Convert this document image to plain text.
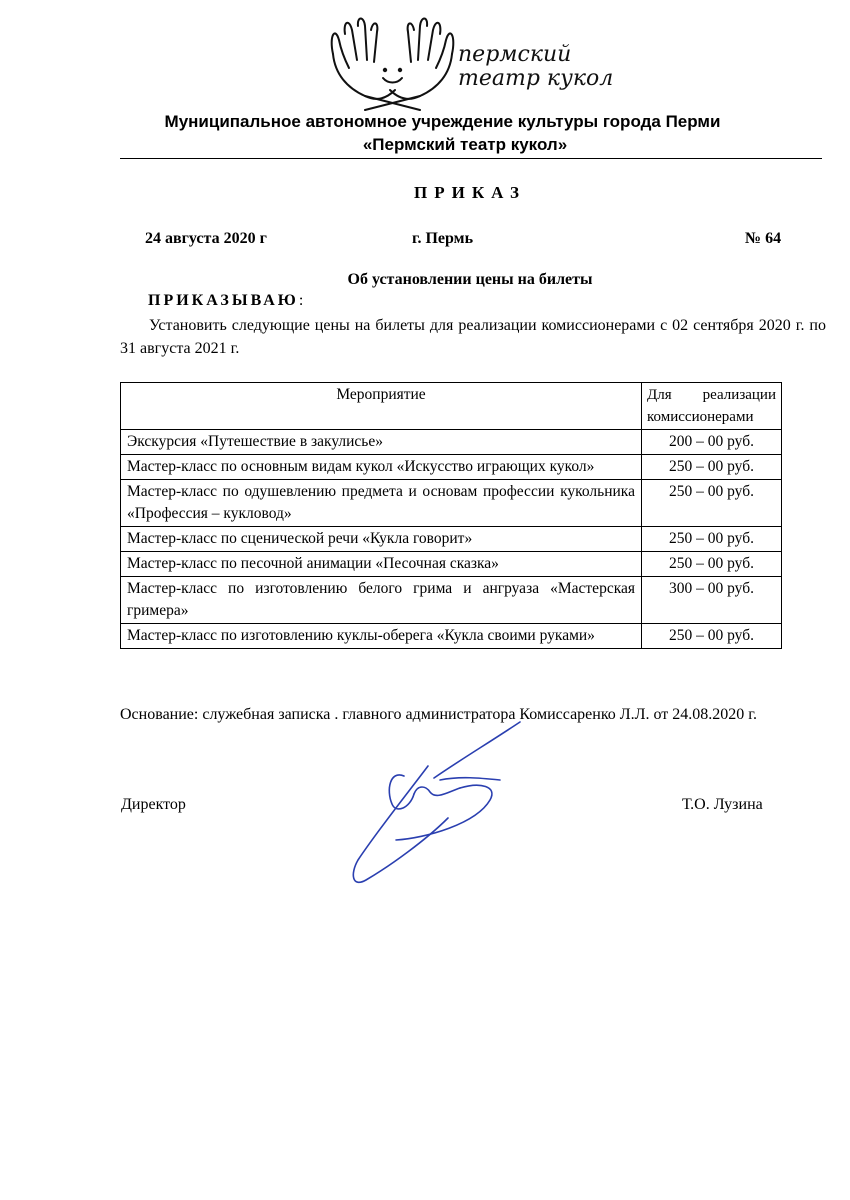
пермский
театр кукол
Муниципальное автономное учреждение культуры города Перми
«Пермский театр кукол»
ПРИКАЗ
24 августа 2020 г	г. Пермь	№ 64
Об установлении цены на билеты
ПРИКАЗЫВАЮ:
Установить следующие цены на билеты для реализации комиссионерами с 02 сентября 2020 г. по 31 августа 2021 г.
Мероприятие	Для реализации комиссионерами
Экскурсия «Путешествие в закулисье»	200 – 00 руб.
Мастер-класс по основным видам кукол «Искусство играющих кукол»	250 – 00 руб.
Мастер-класс по одушевлению предмета и основам профессии кукольника «Профессия – кукловод»	250 – 00 руб.
Мастер-класс по сценической речи «Кукла говорит»	250 – 00 руб.
Мастер-класс по песочной анимации «Песочная сказка»	250 – 00 руб.
Мастер-класс по изготовлению белого грима и ангруаза «Мастерская гримера»	300 – 00 руб.
Мастер-класс по изготовлению куклы-оберега «Кукла своими руками»	250 – 00 руб.
Основание: служебная записка . главного администратора Комиссаренко Л.Л. от 24.08.2020 г.
Директор	Т.О. Лузина
